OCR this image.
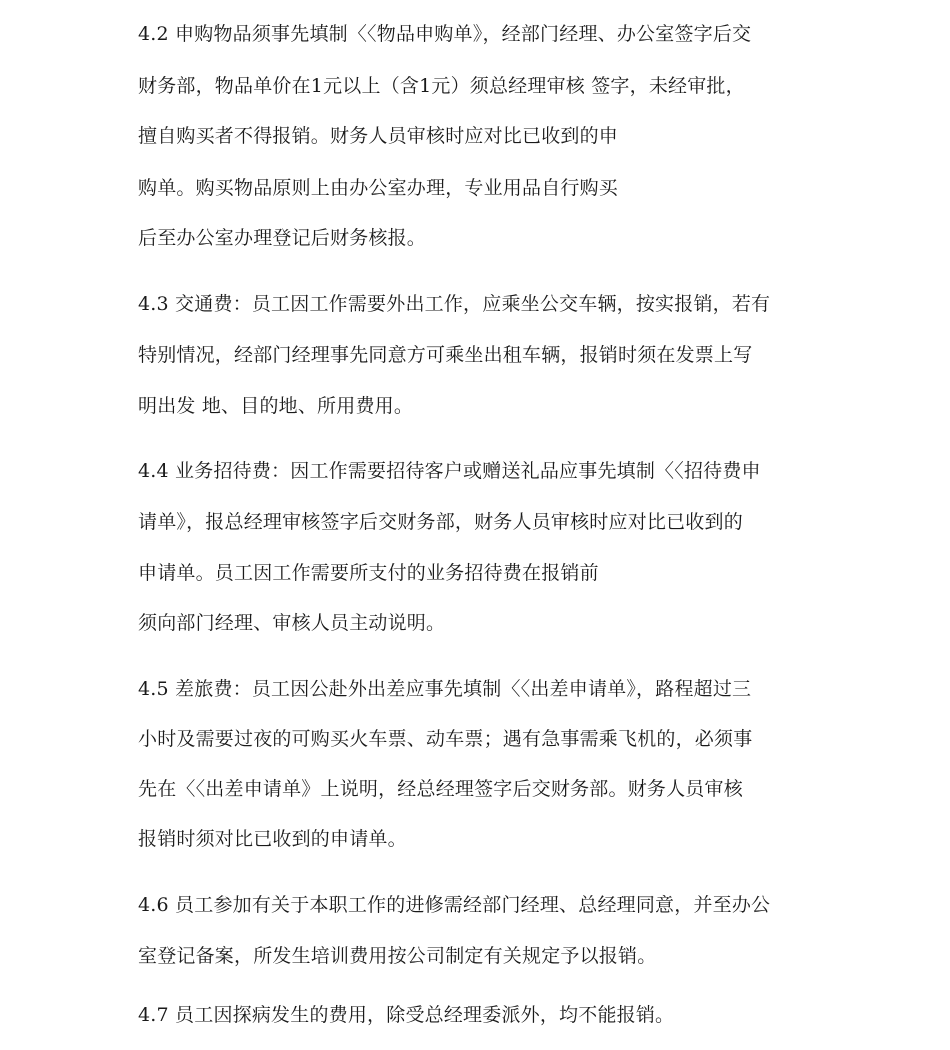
4.2 申购物品须事先填制〈〈物品申购单》，经部门经理、办公室签字后交
财务部，物品单价在1元以上（含1元）须总经理审核 签字，未经审批，
擅自购买者不得报销。财务人员审核时应对比已收到的申
购单。购买物品原则上由办公室办理，专业用品自行购买
后至办公室办理登记后财务核报。
4.3 交通费：员工因工作需要外出工作，应乘坐公交车辆，按实报销，若有
特别情况，经部门经理事先同意方可乘坐出租车辆，报销时须在发票上写
明出发 地、目的地、所用费用。
4.4 业务招待费：因工作需要招待客户或赠送礼品应事先填制〈〈招待费申
请单》，报总经理审核签字后交财务部，财务人员审核时应对比已收到的
申请单。员工因工作需要所支付的业务招待费在报销前
须向部门经理、审核人员主动说明。
4.5 差旅费：员工因公赴外出差应事先填制〈〈出差申请单》，路程超过三
小时及需要过夜的可购买火车票、动车票；遇有急事需乘飞机的，必须事
先在〈〈出差申请单》上说明，经总经理签字后交财务部。财务人员审核
报销时须对比已收到的申请单。
4.6 员工参加有关于本职工作的进修需经部门经理、总经理同意，并至办公
室登记备案，所发生培训费用按公司制定有关规定予以报销。
4.7 员工因探病发生的费用，除受总经理委派外，均不能报销。
